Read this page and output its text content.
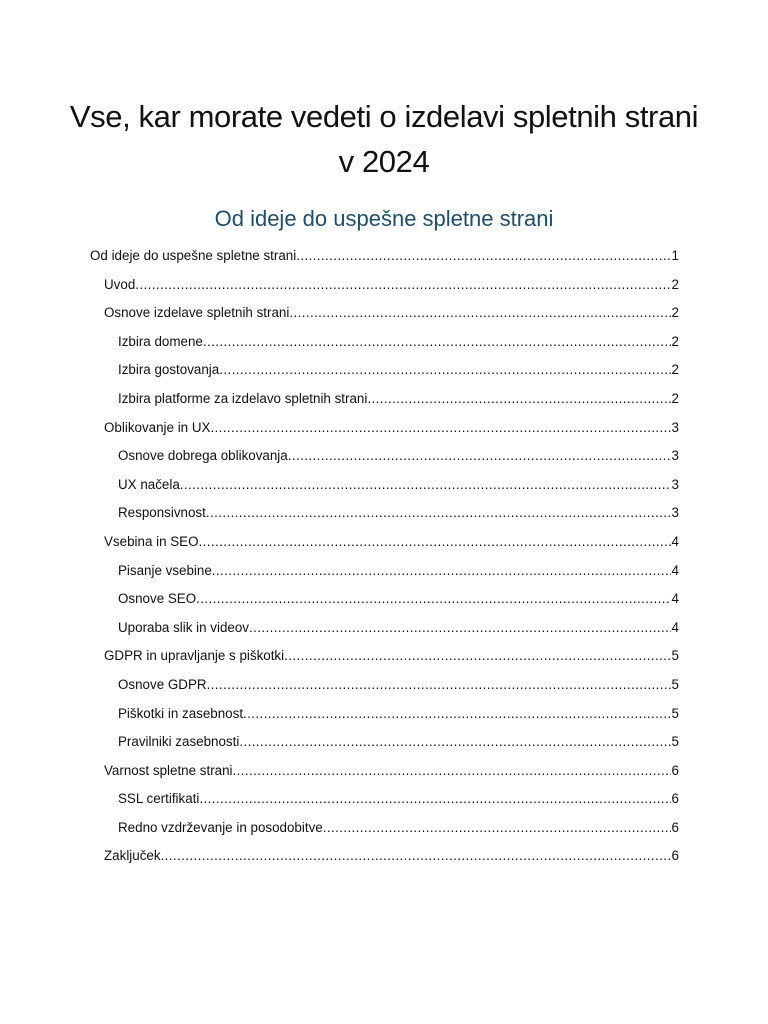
Vse, kar morate vedeti o izdelavi spletnih strani v 2024
Od ideje do uspešne spletne strani
Od ideje do uspešne spletne strani .....	1
Uvod .....	2
Osnove izdelave spletnih strani .....	2
Izbira domene .....	2
Izbira gostovanja .....	2
Izbira platforme za izdelavo spletnih strani .....	2
Oblikovanje in UX .....	3
Osnove dobrega oblikovanja .....	3
UX načela .....	3
Responsivnost .....	3
Vsebina in SEO .....	4
Pisanje vsebine .....	4
Osnove SEO .....	4
Uporaba slik in videov .....	4
GDPR in upravljanje s piškotki .....	5
Osnove GDPR .....	5
Piškotki in zasebnost .....	5
Pravilniki zasebnosti .....	5
Varnost spletne strani .....	6
SSL certifikati .....	6
Redno vzdrževanje in posodobitve .....	6
Zaključek .....	6
